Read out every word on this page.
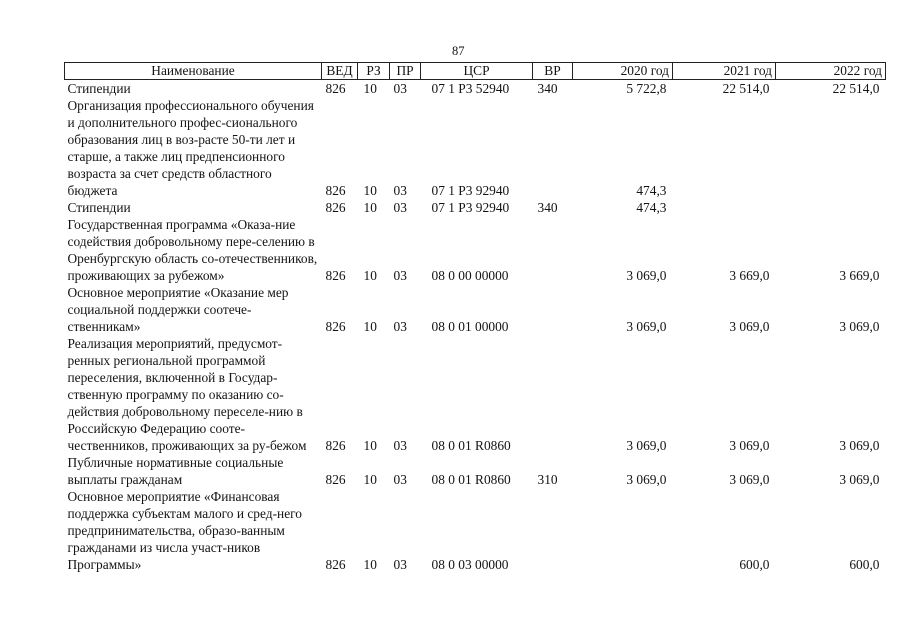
87
Наименование	ВЕД	РЗ	ПР	ЦСР	ВР	2020 год	2021 год	2022 год
Стипендии	826	10	03	07 1 P3 52940	340	5 722,8	22 514,0	22 514,0
Организация профессионального обучения и дополнительного профес-сионального образования лиц в воз-расте 50-ти лет и старше, а также лиц предпенсионного возраста за счет средств областного бюджета	826	10	03	07 1 P3 92940		474,3		
Стипендии	826	10	03	07 1 P3 92940	340	474,3		
Государственная программа «Оказа-ние содействия добровольному пере-селению в Оренбургскую область со-отечественников, проживающих за рубежом»	826	10	03	08 0 00 00000		3 069,0	3 669,0	3 669,0
Основное мероприятие «Оказание мер социальной поддержки соотече-ственникам»	826	10	03	08 0 01 00000		3 069,0	3 069,0	3 069,0
Реализация мероприятий, предусмот-ренных региональной программой переселения, включенной в Государ-ственную программу по оказанию со-действия добровольному переселе-нию в Российскую Федерацию соотe-чественников, проживающих за ру-бежом	826	10	03	08 0 01 R0860		3 069,0	3 069,0	3 069,0
Публичные нормативные социальные выплаты гражданам	826	10	03	08 0 01 R0860	310	3 069,0	3 069,0	3 069,0
Основное мероприятие «Финансовая поддержка субъектам малого и сред-него предпринимательства, образо-ванным гражданами из числа участ-ников Программы»	826	10	03	08 0 03 00000			600,0	600,0
